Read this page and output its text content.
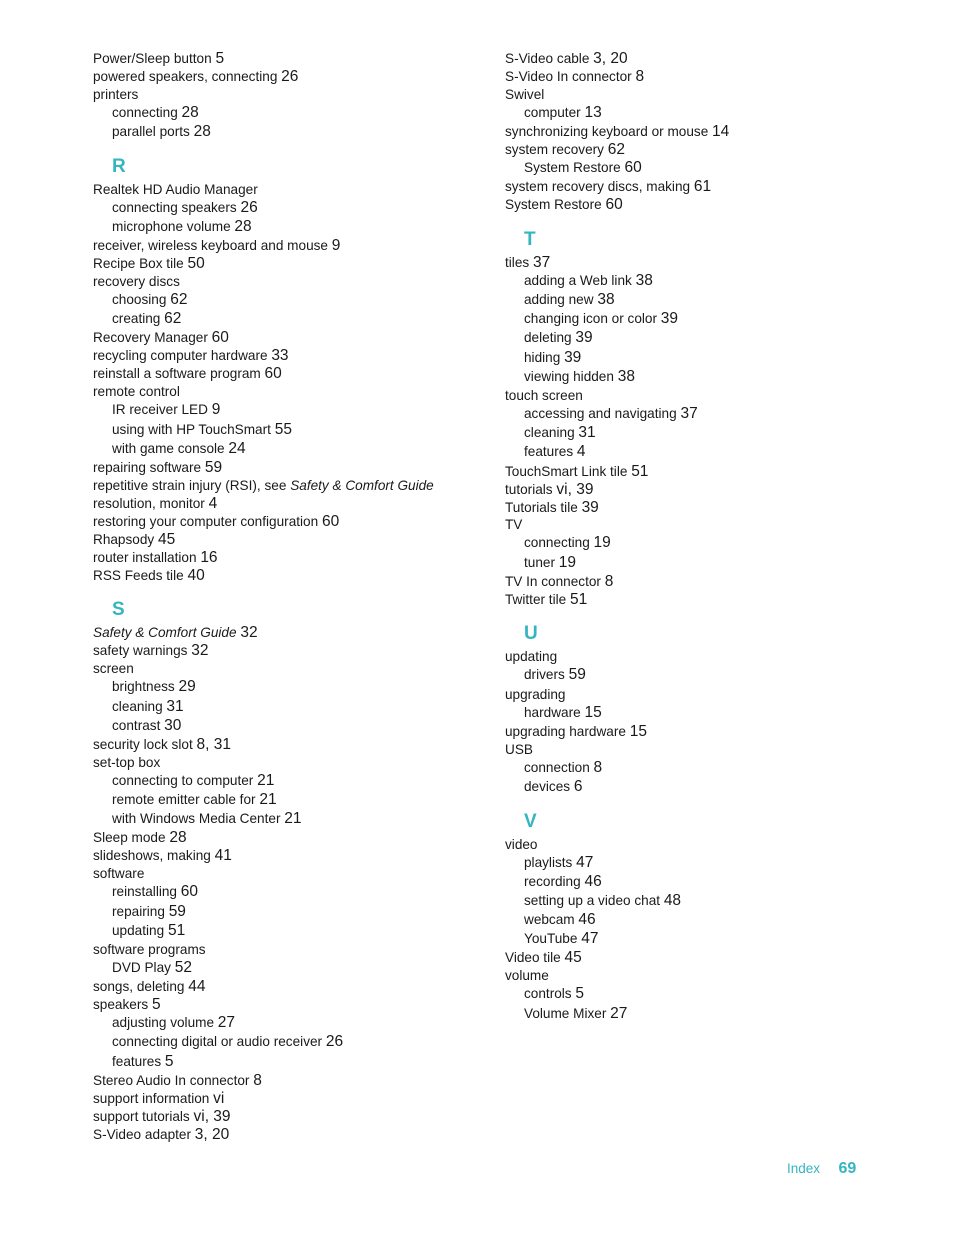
Power/Sleep button 5
powered speakers, connecting 26
printers
connecting 28
parallel ports 28
R
Realtek HD Audio Manager
connecting speakers 26
microphone volume 28
receiver, wireless keyboard and mouse 9
Recipe Box tile 50
recovery discs
choosing 62
creating 62
Recovery Manager 60
recycling computer hardware 33
reinstall a software program 60
remote control
IR receiver LED 9
using with HP TouchSmart 55
with game console 24
repairing software 59
repetitive strain injury (RSI), see Safety & Comfort Guide
resolution, monitor 4
restoring your computer configuration 60
Rhapsody 45
router installation 16
RSS Feeds tile 40
S
Safety & Comfort Guide 32
safety warnings 32
screen
brightness 29
cleaning 31
contrast 30
security lock slot 8, 31
set-top box
connecting to computer 21
remote emitter cable for 21
with Windows Media Center 21
Sleep mode 28
slideshows, making 41
software
reinstalling 60
repairing 59
updating 51
software programs
DVD Play 52
songs, deleting 44
speakers 5
adjusting volume 27
connecting digital or audio receiver 26
features 5
Stereo Audio In connector 8
support information vi
support tutorials vi, 39
S-Video adapter 3, 20
S-Video cable 3, 20
S-Video In connector 8
Swivel
computer 13
synchronizing keyboard or mouse 14
system recovery 62
System Restore 60
system recovery discs, making 61
System Restore 60
T
tiles 37
adding a Web link 38
adding new 38
changing icon or color 39
deleting 39
hiding 39
viewing hidden 38
touch screen
accessing and navigating 37
cleaning 31
features 4
TouchSmart Link tile 51
tutorials vi, 39
Tutorials tile 39
TV
connecting 19
tuner 19
TV In connector 8
Twitter tile 51
U
updating
drivers 59
upgrading
hardware 15
upgrading hardware 15
USB
connection 8
devices 6
V
video
playlists 47
recording 46
setting up a video chat 48
webcam 46
YouTube 47
Video tile 45
volume
controls 5
Volume Mixer 27
Index 69
